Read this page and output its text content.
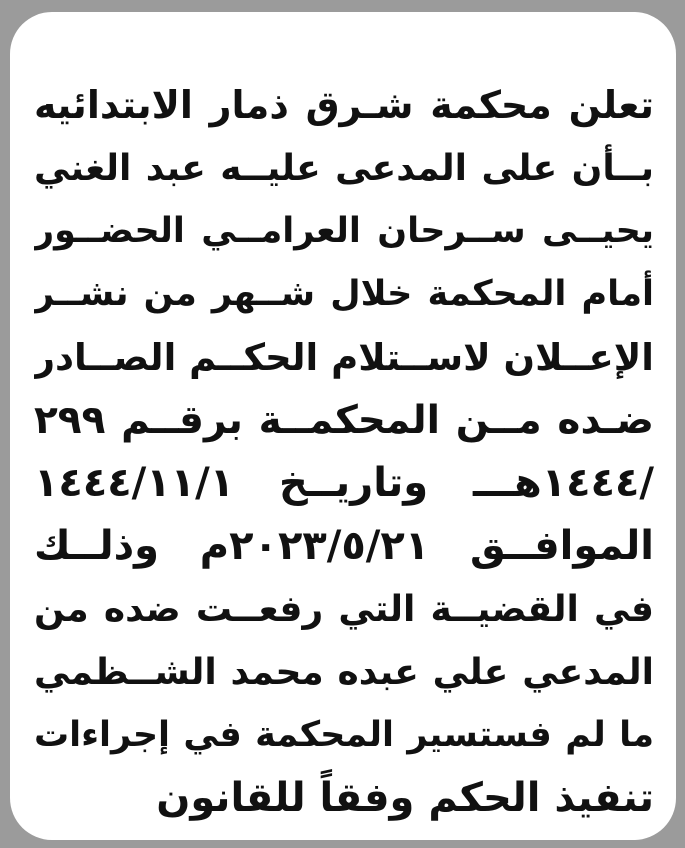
تعلن محكمة شـرق ذمار الابتدائيه
بــأن على المدعى عليــه عبد الغني
يحيــى ســرحان العرامــي الحضــور
أمام المحكمة خلال شــهر من نشــر
الإعــلان لاســتلام الحكــم الصــادر
ضـده مــن المحكمــة برقــم ٢٩٩
/١٤٤٤هـــ وتاريــخ ١٤٤٤/١١/١
الموافــق ٢٠٢٣/٥/٢١م وذلــك
في القضيــة التي رفعــت ضده من
المدعي علي عبده محمد الشــظمي
ما لم فستسير المحكمة في إجراءات
تنفيذ الحكم وفقاً للقانون
